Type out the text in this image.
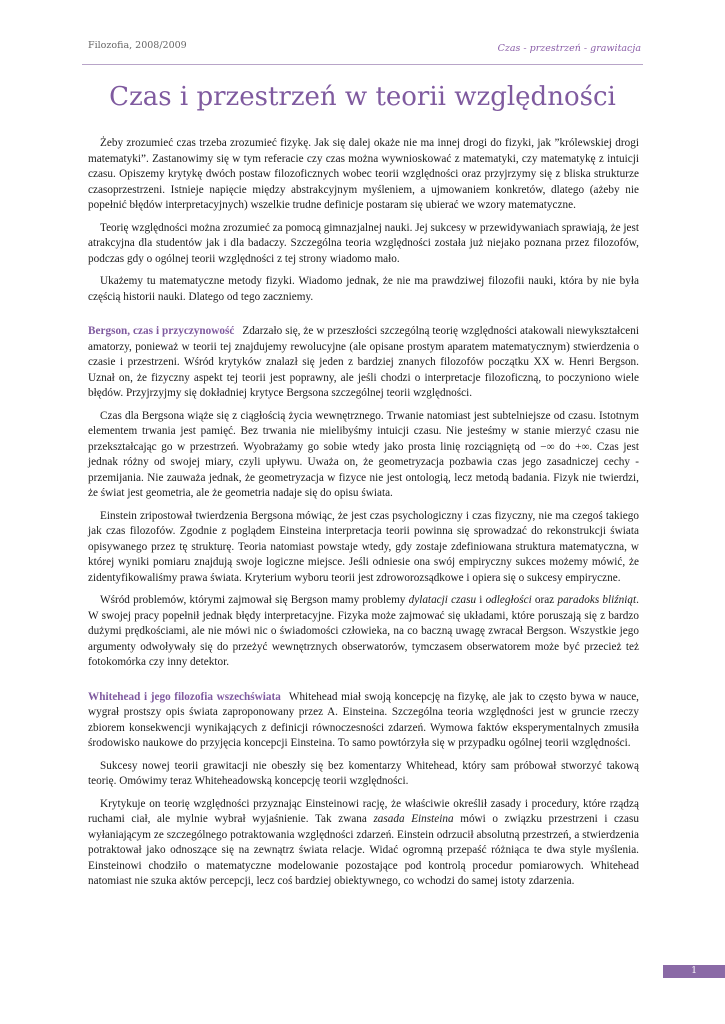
Filozofia, 2008/2009	Czas - przestrzeń - grawitacja
Czas i przestrzeń w teorii względności

Żeby zrozumieć czas trzeba zrozumieć fizykę. Jak się dalej okaże nie ma innej drogi do fizyki, jak ”królewskiej drogi matematyki”. Zastanowimy się w tym referacie czy czas można wywnioskować z matematyki, czy matematykę z intuicji czasu. Opiszemy krytykę dwóch postaw filozoficznych wobec teorii względności oraz przyjrzymy się z bliska strukturze czasoprzestrzeni. Istnieje napięcie między abstrakcyjnym myśleniem, a ujmowaniem konkretów, dlatego (ażeby nie popełnić błędów interpretacyjnych) wszelkie trudne definicje postaram się ubierać we wzory matematyczne.

Teorię względności można zrozumieć za pomocą gimnazjalnej nauki. Jej sukcesy w przewidywaniach sprawiają, że jest atrakcyjna dla studentów jak i dla badaczy. Szczególna teoria względności została już niejako poznana przez filozofów, podczas gdy o ogólnej teorii względności z tej strony wiadomo mało.

Ukażemy tu matematyczne metody fizyki. Wiadomo jednak, że nie ma prawdziwej filozofii nauki, która by nie była częścią historii nauki. Dlatego od tego zaczniemy.

Bergson, czas i przyczynowość Zdarzało się, że w przeszłości szczególną teorię względności atakowali niewykształceni amatorzy, ponieważ w teorii tej znajdujemy rewolucyjne (ale opisane prostym aparatem matematycznym) stwierdzenia o czasie i przestrzeni. Wśród krytyków znalazł się jeden z bardziej znanych filozofów początku XX w. Henri Bergson. Uznał on, że fizyczny aspekt tej teorii jest poprawny, ale jeśli chodzi o interpretacje filozoficzną, to poczyniono wiele błędów. Przyjrzyjmy się dokładniej krytyce Bergsona szczególnej teorii względności.

Czas dla Bergsona wiąże się z ciągłością życia wewnętrznego. Trwanie natomiast jest subtelniejsze od czasu. Istotnym elementem trwania jest pamięć. Bez trwania nie mielibyśmy intuicji czasu. Nie jesteśmy w stanie mierzyć czasu nie przekształcając go w przestrzeń. Wyobrażamy go sobie wtedy jako prosta linię rozciągniętą od −∞ do +∞. Czas jest jednak różny od swojej miary, czyli upływu. Uważa on, że geometryzacja pozbawia czas jego zasadniczej cechy - przemijania. Nie zauważa jednak, że geometryzacja w fizyce nie jest ontologią, lecz metodą badania. Fizyk nie twierdzi, że świat jest geometria, ale że geometria nadaje się do opisu świata.

Einstein zripostował twierdzenia Bergsona mówiąc, że jest czas psychologiczny i czas fizyczny, nie ma czegoś takiego jak czas filozofów. Zgodnie z poglądem Einsteina interpretacja teorii powinna się sprowadzać do rekonstrukcji świata opisywanego przez tę strukturę. Teoria natomiast powstaje wtedy, gdy zostaje zdefiniowana struktura matematyczna, w której wyniki pomiaru znajdują swoje logiczne miejsce. Jeśli odniesie ona swój empiryczny sukces możemy mówić, że zidentyfikowaliśmy prawa świata. Kryterium wyboru teorii jest zdroworozsądkowe i opiera się o sukcesy empiryczne.

Wśród problemów, którymi zajmował się Bergson mamy problemy dylatacji czasu i odległości oraz paradoks bliźniąt. W swojej pracy popełnił jednak błędy interpretacyjne. Fizyka może zajmować się układami, które poruszają się z bardzo dużymi prędkościami, ale nie mówi nic o świadomości człowieka, na co baczną uwagę zwracał Bergson. Wszystkie jego argumenty odwoływały się do przeżyć wewnętrznych obserwatorów, tymczasem obserwatorem może być przecież też fotokomórka czy inny detektor.

Whitehead i jego filozofia wszechświata Whitehead miał swoją koncepcję na fizykę, ale jak to często bywa w nauce, wygrał prostszy opis świata zaproponowany przez A. Einsteina. Szczególna teoria względności jest w gruncie rzeczy zbiorem konsekwencji wynikających z definicji równoczesności zdarzeń. Wymowa faktów eksperymentalnych zmusiła środowisko naukowe do przyjęcia koncepcji Einsteina. To samo powtórzyła się w przypadku ogólnej teorii względności.

Sukcesy nowej teorii grawitacji nie obeszły się bez komentarzy Whitehead, który sam próbował stworzyć takową teorię. Omówimy teraz Whiteheadowską koncepcję teorii względności.

Krytykuje on teorię względności przyznając Einsteinowi rację, że właściwie określił zasady i procedury, które rządzą ruchami ciał, ale mylnie wybrał wyjaśnienie. Tak zwana zasada Einsteina mówi o związku przestrzeni i czasu wyłaniającym ze szczególnego potraktowania względności zdarzeń. Einstein odrzucił absolutną przestrzeń, a stwierdzenia potraktował jako odnoszące się na zewnątrz świata relacje. Widać ogromną przepaść różniąca te dwa style myślenia. Einsteinowi chodziło o matematyczne modelowanie pozostające pod kontrolą procedur pomiarowych. Whitehead natomiast nie szuka aktów percepcji, lecz coś bardziej obiektywnego, co wchodzi do samej istoty zdarzenia.

1
